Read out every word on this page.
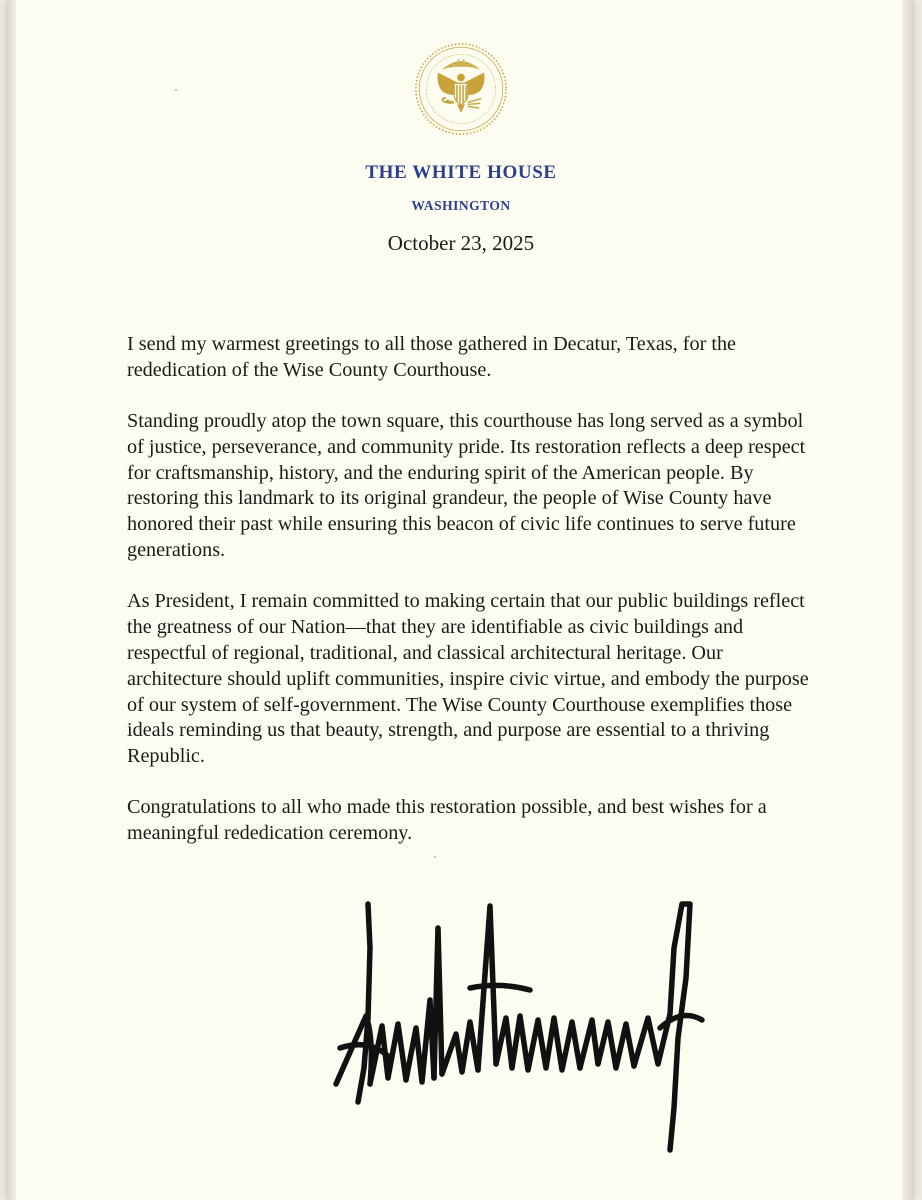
THE WHITE HOUSE
WASHINGTON
October 23, 2025

I send my warmest greetings to all those gathered in Decatur, Texas, for the rededication of the Wise County Courthouse.

Standing proudly atop the town square, this courthouse has long served as a symbol of justice, perseverance, and community pride. Its restoration reflects a deep respect for craftsmanship, history, and the enduring spirit of the American people. By restoring this landmark to its original grandeur, the people of Wise County have honored their past while ensuring this beacon of civic life continues to serve future generations.

As President, I remain committed to making certain that our public buildings reflect the greatness of our Nation—that they are identifiable as civic buildings and respectful of regional, traditional, and classical architectural heritage. Our architecture should uplift communities, inspire civic virtue, and embody the purpose of our system of self-government. The Wise County Courthouse exemplifies those ideals reminding us that beauty, strength, and purpose are essential to a thriving Republic.

Congratulations to all who made this restoration possible, and best wishes for a meaningful rededication ceremony.
